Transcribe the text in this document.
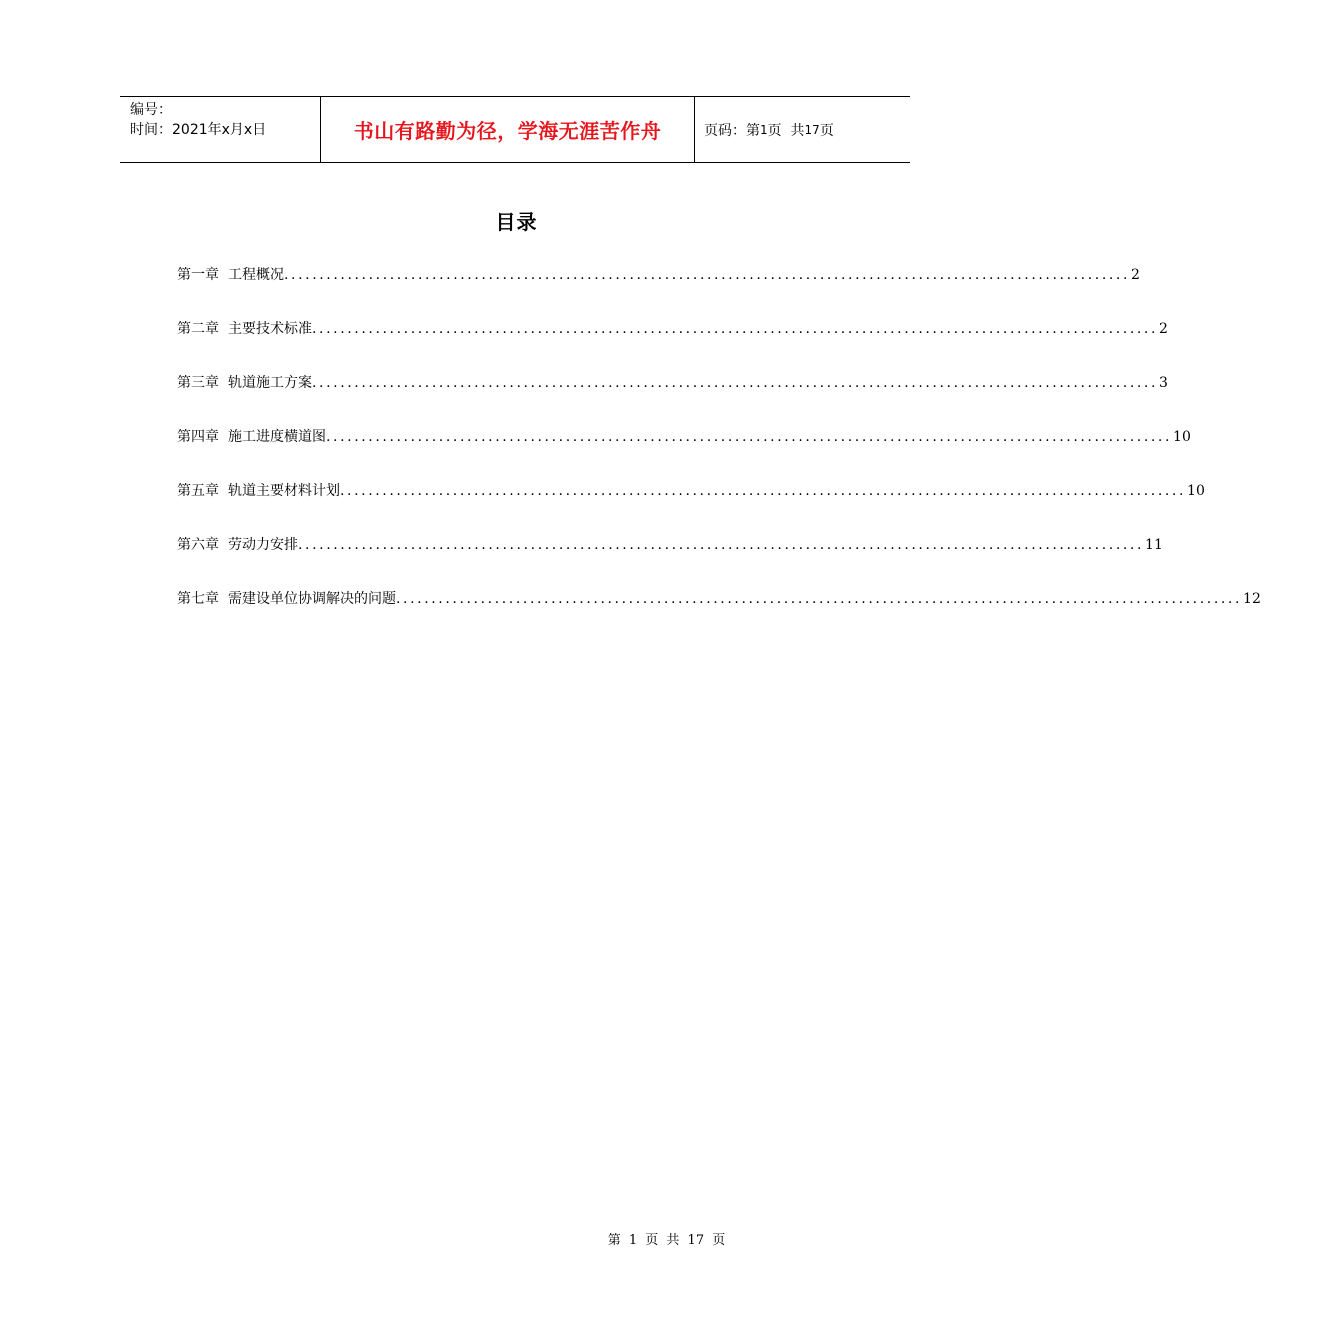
编号：
时间：2021年x月x日	书山有路勤为径，学海无涯苦作舟	页码： 第 1 页  共 17 页
目录
第一章 工程概况 ........................................................................................................................ 2
第二章 主要技术标准 ........................................................................................................................ 2
第三章 轨道施工方案 ........................................................................................................................ 3
第四章 施工进度横道图 ........................................................................................................................ 10
第五章 轨道主要材料计划 ........................................................................................................................ 10
第六章 劳动力安排 ........................................................................................................................ 11
第七章 需建设单位协调解决的问题 ........................................................................................................................ 12
第 1 页 共 17 页
